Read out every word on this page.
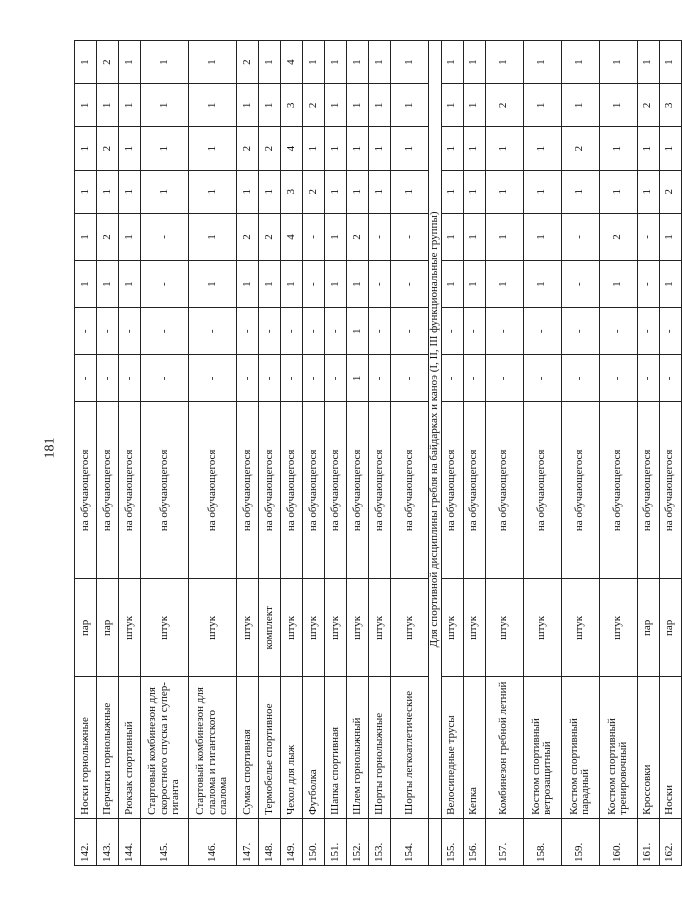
181
142.	Носки горнолыжные	пар	на обучающегося	-	-	1	1	1	1	1	1
143.	Перчатки горнолыжные	пар	на обучающегося	-	-	1	2	1	2	1	2
144.	Рюкзак спортивный	штук	на обучающегося	-	-	1	1	1	1	1	1
145.	Стартовый комбинезон для скоростного спуска и супер-гиганта	штук	на обучающегося	-	-	-	-	1	1	1	1
146.	Стартовый комбинезон для слалома и гигантского слалома	штук	на обучающегося	-	-	1	1	1	1	1	1
147.	Сумка спортивная	штук	на обучающегося	-	-	1	2	1	2	1	2
148.	Термобелье спортивное	комплект	на обучающегося	-	-	1	2	1	2	1	1
149.	Чехол для лыж	штук	на обучающегося	-	-	1	4	3	4	3	4
150.	Футболка	штук	на обучающегося	-	-	-	-	2	1	2	1
151.	Шапка спортивная	штук	на обучающегося	-	-	1	1	1	1	1	1
152.	Шлем горнолыжный	штук	на обучающегося	1	1	1	2	1	1	1	1
153.	Шорты горнолыжные	штук	на обучающегося	-	-	-	-	1	1	1	1
154.	Шорты легкоатлетические	штук	на обучающегося	-	-	-	-	1	1	1	1
	Для спортивной дисциплины гребля на байдарках и каноэ (I, II, III функциональные группы)										
155.	Велосипедные трусы	штук	на обучающегося	-	-	1	1	1	1	1	1
156.	Кепка	штук	на обучающегося	-	-	1	1	1	1	1	1
157.	Комбинезон гребной летний	штук	на обучающегося	-	-	1	1	1	1	2	1
158.	Костюм спортивный ветрозащитный	штук	на обучающегося	-	-	1	1	1	1	1	1
159.	Костюм спортивный парадный	штук	на обучающегося	-	-	-	-	1	2	1	1
160.	Костюм спортивный тренировочный	штук	на обучающегося	-	-	1	2	1	1	1	1
161.	Кроссовки	пар	на обучающегося	-	-	-	-	1	1	2	1
162.	Носки	пар	на обучающегося	-	-	1	1	2	1	3	1
